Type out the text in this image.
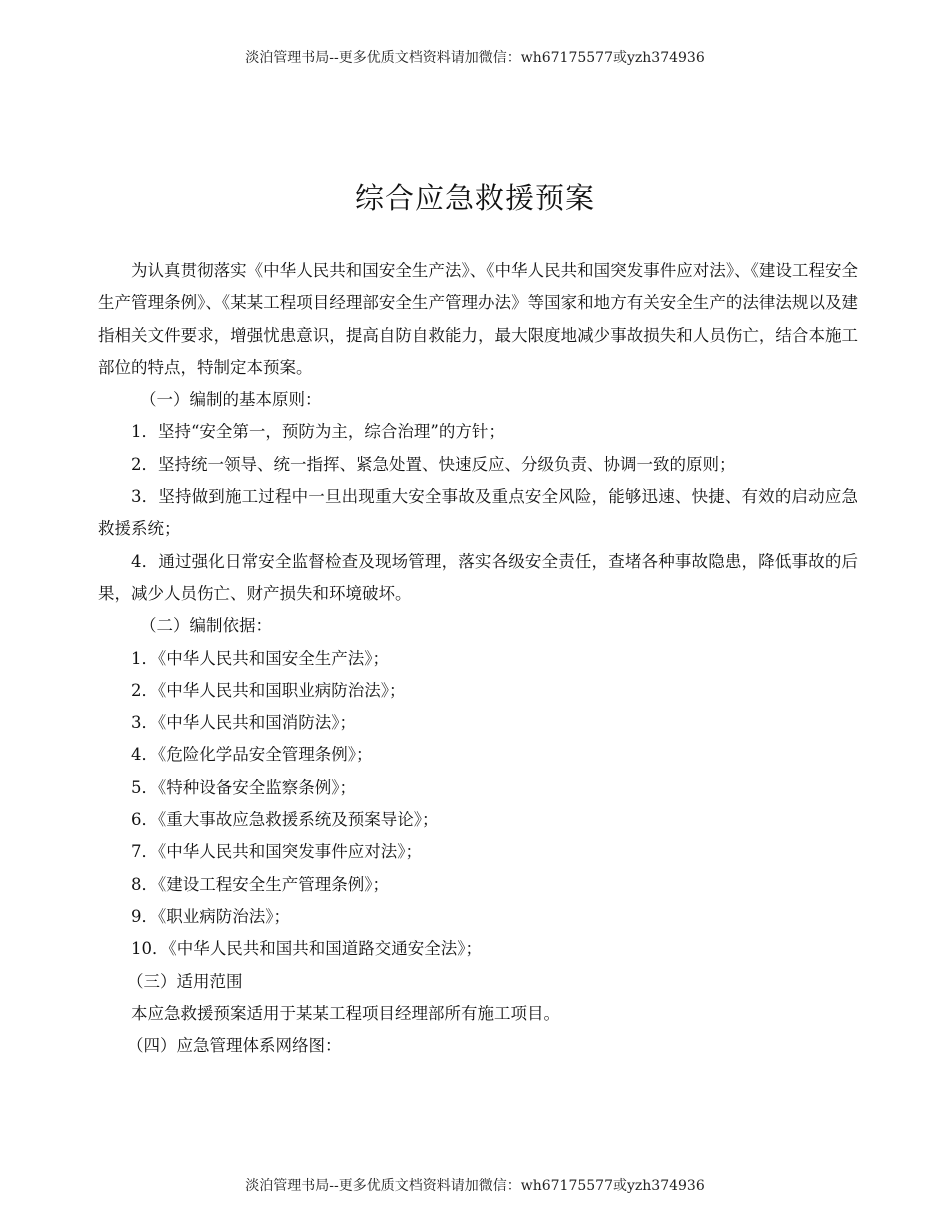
淡泊管理书局--更多优质文档资料请加微信：wh67175577或yzh374936
综合应急救援预案

为认真贯彻落实《中华人民共和国安全生产法》、《中华人民共和国突发事件应对法》、《建设工程安全生产管理条例》、《某某工程项目经理部安全生产管理办法》等国家和地方有关安全生产的法律法规以及建指相关文件要求，增强忧患意识，提高自防自救能力，最大限度地减少事故损失和人员伤亡，结合本施工部位的特点，特制定本预案。

（一）编制的基本原则：

1．坚持“安全第一，预防为主，综合治理”的方针；

2．坚持统一领导、统一指挥、紧急处置、快速反应、分级负责、协调一致的原则；

3．坚持做到施工过程中一旦出现重大安全事故及重点安全风险，能够迅速、快捷、有效的启动应急救援系统；

4．通过强化日常安全监督检查及现场管理，落实各级安全责任，查堵各种事故隐患，降低事故的后果，减少人员伤亡、财产损失和环境破坏。

（二）编制依据：

1．《中华人民共和国安全生产法》；

2．《中华人民共和国职业病防治法》；

3．《中华人民共和国消防法》；

4．《危险化学品安全管理条例》；

5．《特种设备安全监察条例》；

6．《重大事故应急救援系统及预案导论》；

7．《中华人民共和国突发事件应对法》；

8．《建设工程安全生产管理条例》；

9．《职业病防治法》；

10．《中华人民共和国共和国道路交通安全法》；

（三）适用范围

本应急救援预案适用于某某工程项目经理部所有施工项目。

（四）应急管理体系网络图：

淡泊管理书局--更多优质文档资料请加微信：wh67175577或yzh374936
